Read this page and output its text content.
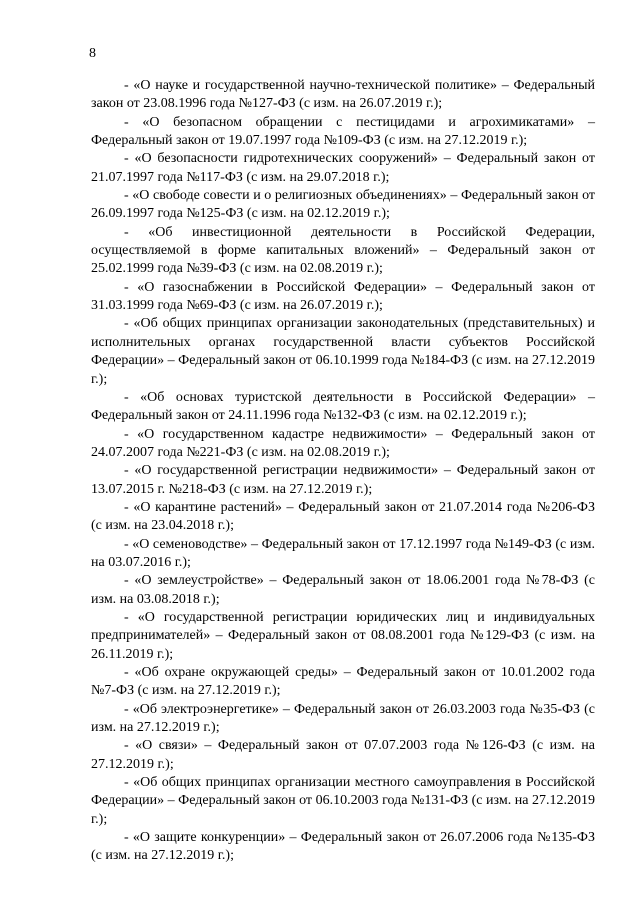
8

- «О науке и государственной научно-технической политике» – Федеральный закон от 23.08.1996 года №127-ФЗ (с изм. на 26.07.2019 г.);

- «О безопасном обращении с пестицидами и агрохимикатами» – Федеральный закон от 19.07.1997 года №109-ФЗ (с изм. на 27.12.2019 г.);

- «О безопасности гидротехнических сооружений» – Федеральный закон от 21.07.1997 года №117-ФЗ (с изм. на 29.07.2018 г.);

- «О свободе совести и о религиозных объединениях» – Федеральный закон от 26.09.1997 года №125-ФЗ (с изм. на 02.12.2019 г.);

- «Об инвестиционной деятельности в Российской Федерации, осуществляемой в форме капитальных вложений» – Федеральный закон от 25.02.1999 года №39-ФЗ (с изм. на 02.08.2019 г.);

- «О газоснабжении в Российской Федерации» – Федеральный закон от 31.03.1999 года №69-ФЗ (с изм. на 26.07.2019 г.);

- «Об общих принципах организации законодательных (представительных) и исполнительных органах государственной власти субъектов Российской Федерации» – Федеральный закон от 06.10.1999 года №184-ФЗ (с изм. на 27.12.2019 г.);

- «Об основах туристской деятельности в Российской Федерации» – Федеральный закон от 24.11.1996 года №132-ФЗ (с изм. на 02.12.2019 г.);

- «О государственном кадастре недвижимости» – Федеральный закон от 24.07.2007 года №221-ФЗ (с изм. на 02.08.2019 г.);

- «О государственной регистрации недвижимости» – Федеральный закон от 13.07.2015 г. №218-ФЗ (с изм. на 27.12.2019 г.);

- «О карантине растений» – Федеральный закон от 21.07.2014 года №206-ФЗ (с изм. на 23.04.2018 г.);

- «О семеноводстве» – Федеральный закон от 17.12.1997 года №149-ФЗ (с изм. на 03.07.2016 г.);

- «О землеустройстве» – Федеральный закон от 18.06.2001 года №78-ФЗ (с изм. на 03.08.2018 г.);

- «О государственной регистрации юридических лиц и индивидуальных предпринимателей» – Федеральный закон от 08.08.2001 года №129-ФЗ (с изм. на 26.11.2019 г.);

- «Об охране окружающей среды» – Федеральный закон от 10.01.2002 года №7-ФЗ (с изм. на 27.12.2019 г.);

- «Об электроэнергетике» – Федеральный закон от 26.03.2003 года №35-ФЗ (с изм. на 27.12.2019 г.);

- «О связи» – Федеральный закон от 07.07.2003 года №126-ФЗ (с изм. на 27.12.2019 г.);

- «Об общих принципах организации местного самоуправления в Российской Федерации» – Федеральный закон от 06.10.2003 года №131-ФЗ (с изм. на 27.12.2019 г.);

- «О защите конкуренции» – Федеральный закон от 26.07.2006 года №135-ФЗ (с изм. на 27.12.2019 г.);
